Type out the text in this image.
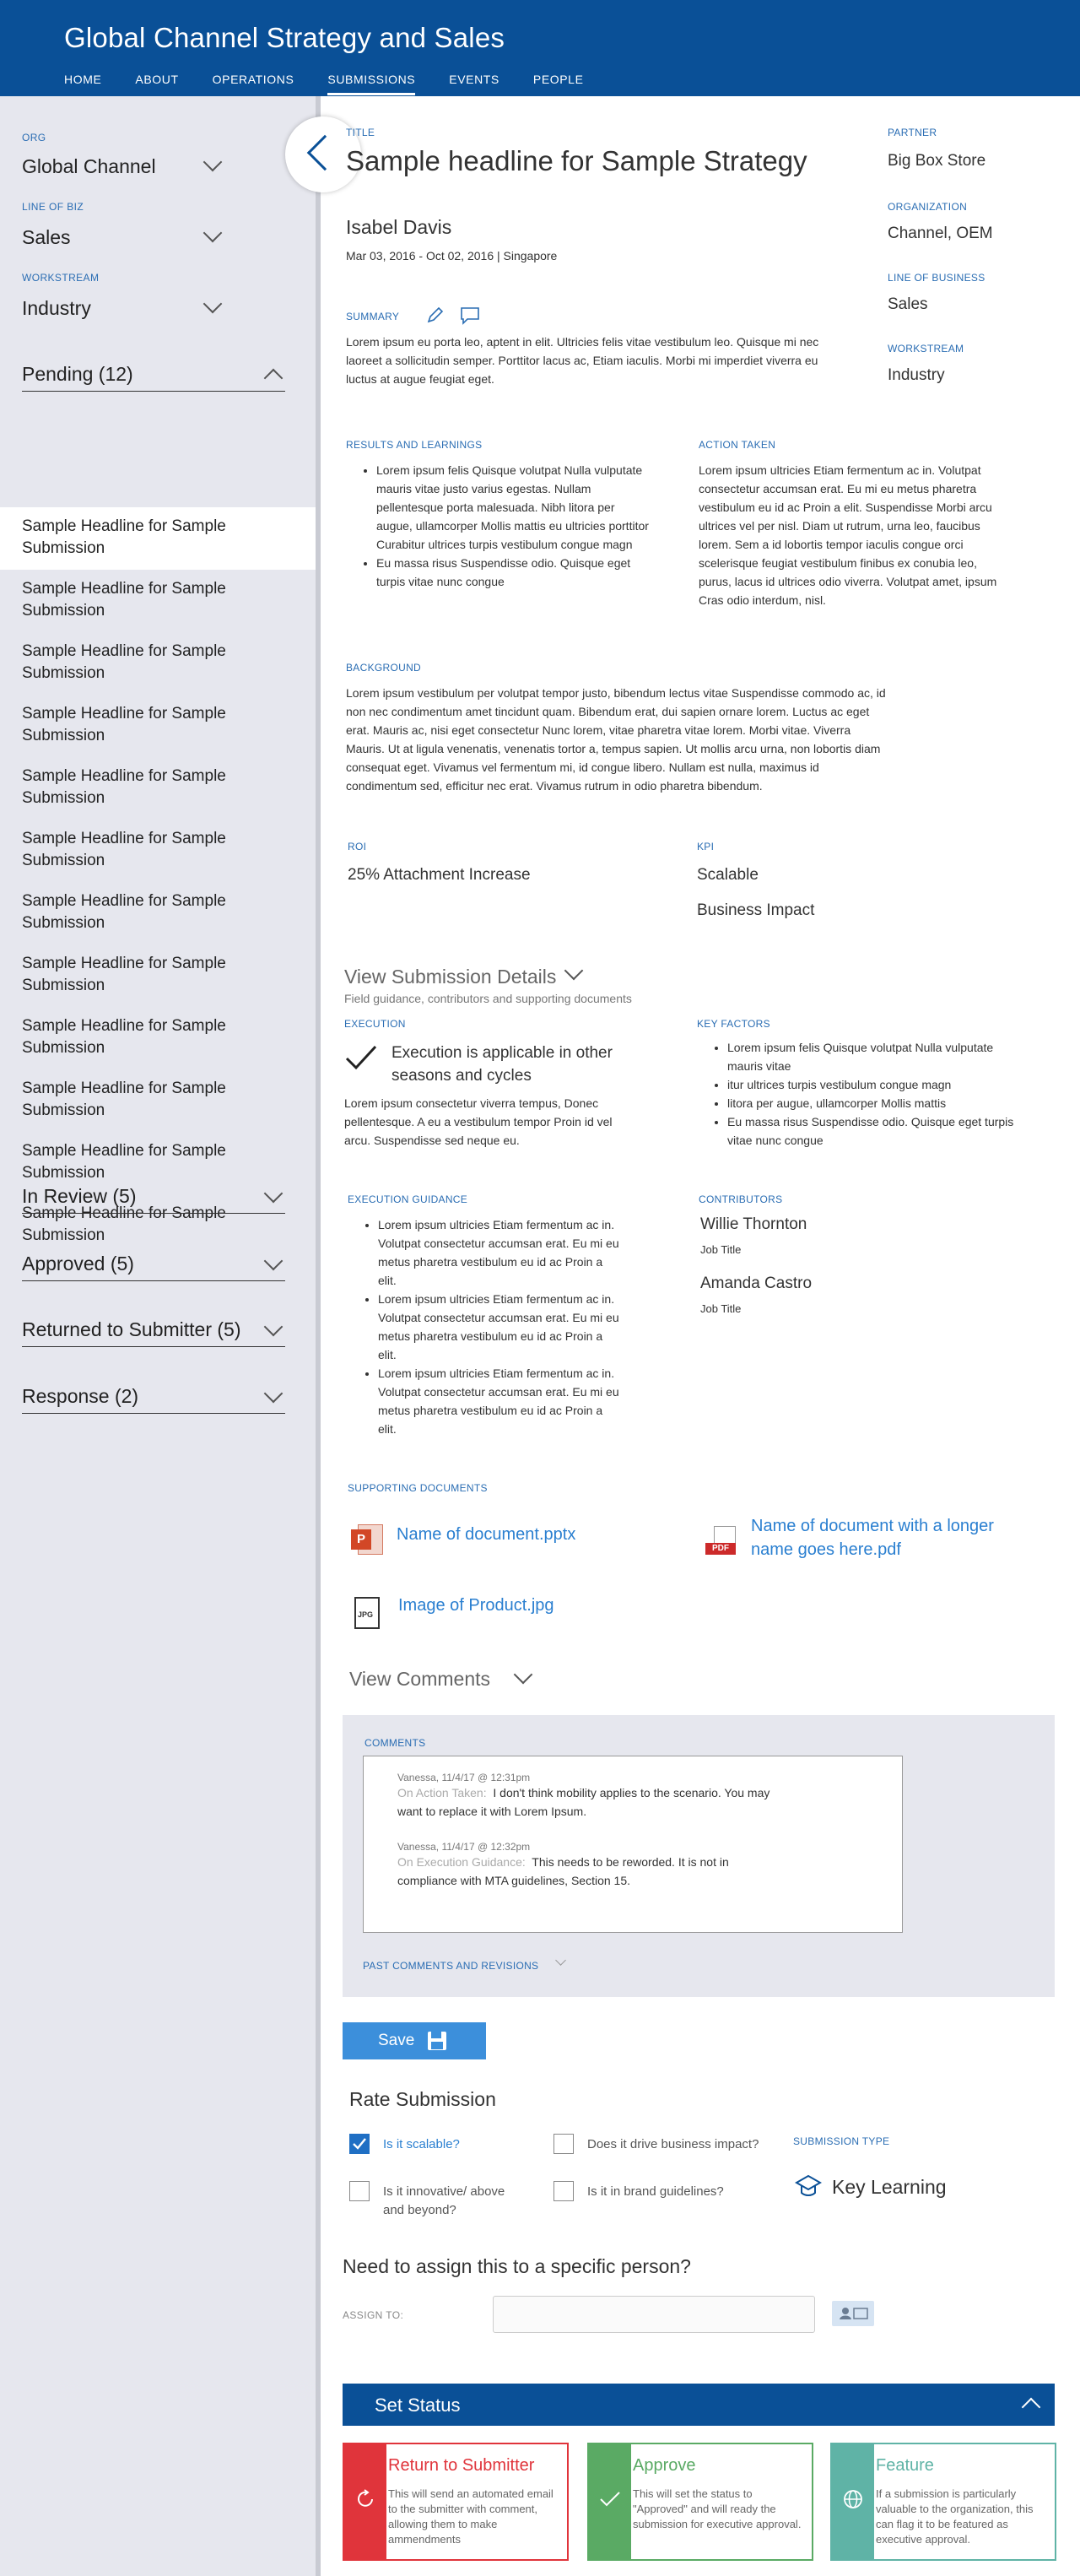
Global Channel Strategy and Sales
HOME	ABOUT	OPERATIONS	SUBMISSIONS	EVENTS	PEOPLE
ORG
Global Channel
LINE OF BIZ
Sales
WORKSTREAM
Industry
Pending (12)
Sample Headline for Sample Submission
Sample Headline for Sample Submission
Sample Headline for Sample Submission
Sample Headline for Sample Submission
Sample Headline for Sample Submission
Sample Headline for Sample Submission
Sample Headline for Sample Submission
Sample Headline for Sample Submission
Sample Headline for Sample Submission
Sample Headline for Sample Submission
Sample Headline for Sample Submission
Sample Headline for Sample Submission
In Review (5)
Approved (5)
Returned to Submitter (5)
Response (2)
TITLE
Sample headline for Sample Strategy
Isabel Davis
Mar 03, 2016 - Oct 02, 2016 | Singapore
PARTNER
Big Box Store
ORGANIZATION
Channel, OEM
LINE OF BUSINESS
Sales
WORKSTREAM
Industry
SUMMARY
Lorem ipsum eu porta leo, aptent in elit. Ultricies felis vitae vestibulum leo. Quisque mi nec laoreet a sollicitudin semper. Porttitor lacus ac, Etiam iaculis. Morbi mi imperdiet viverra eu luctus at augue feugiat eget.
RESULTS AND LEARNINGS
• Lorem ipsum felis Quisque volutpat Nulla vulputate mauris vitae justo varius egestas. Nullam pellentesque porta malesuada. Nibh litora per augue, ullamcorper Mollis mattis eu ultricies porttitor Curabitur ultrices turpis vestibulum congue magn
• Eu massa risus Suspendisse odio. Quisque eget turpis vitae nunc congue
ACTION TAKEN
Lorem ipsum ultricies Etiam fermentum ac in. Volutpat consectetur accumsan erat. Eu mi eu metus pharetra vestibulum eu id ac Proin a elit. Suspendisse Morbi arcu ultrices vel per nisl. Diam ut rutrum, urna leo, faucibus lorem. Sem a id lobortis tempor iaculis congue orci scelerisque feugiat vestibulum finibus ex conubia leo, purus, lacus id ultrices odio viverra. Volutpat amet, ipsum Cras odio interdum, nisl.
BACKGROUND
Lorem ipsum vestibulum per volutpat tempor justo, bibendum lectus vitae Suspendisse commodo ac, id non nec condimentum amet tincidunt quam. Bibendum erat, dui sapien ornare lorem. Luctus ac eget erat. Mauris ac, nisi eget consectetur Nunc lorem, vitae pharetra vitae lorem. Morbi vitae. Viverra Mauris. Ut at ligula venenatis, venenatis tortor a, tempus sapien. Ut mollis arcu urna, non lobortis diam consequat eget. Vivamus vel fermentum mi, id congue libero. Nullam est nulla, maximus id condimentum sed, efficitur nec erat. Vivamus rutrum in odio pharetra bibendum.
ROI
25% Attachment Increase
KPI
Scalable
Business Impact
View Submission Details
Field guidance, contributors and supporting documents
EXECUTION
Execution is applicable in other seasons and cycles
Lorem ipsum consectetur viverra tempus, Donec pellentesque. A eu a vestibulum tempor Proin id vel arcu. Suspendisse sed neque eu.
KEY FACTORS
• Lorem ipsum felis Quisque volutpat Nulla vulputate mauris vitae
• itur ultrices turpis vestibulum congue magn
• litora per augue, ullamcorper Mollis mattis
• Eu massa risus Suspendisse odio. Quisque eget turpis vitae nunc congue
EXECUTION GUIDANCE
• Lorem ipsum ultricies Etiam fermentum ac in. Volutpat consectetur accumsan erat. Eu mi eu metus pharetra vestibulum eu id ac Proin a elit.
• Lorem ipsum ultricies Etiam fermentum ac in. Volutpat consectetur accumsan erat. Eu mi eu metus pharetra vestibulum eu id ac Proin a elit.
• Lorem ipsum ultricies Etiam fermentum ac in. Volutpat consectetur accumsan erat. Eu mi eu metus pharetra vestibulum eu id ac Proin a elit.
CONTRIBUTORS
Willie Thornton
Job Title
Amanda Castro
Job Title
SUPPORTING DOCUMENTS
P	Name of document.pptx
PDF
Name of document with a longer name goes here.pdf
JPG Image of Product.jpg
View Comments
COMMENTS
Vanessa, 11/4/17 @ 12:31pm
On Action Taken: I don't think mobility applies to the scenario. You may want to replace it with Lorem Ipsum.
Vanessa, 11/4/17 @ 12:32pm
On Execution Guidance: This needs to be reworded. It is not in compliance with MTA guidelines, Section 15.
PAST COMMENTS AND REVISIONS
Save
Rate Submission
Is it scalable?	Does it drive business impact?
Is it innovative/ above and beyond?
Is it in brand guidelines?
SUBMISSION TYPE
Key Learning
Need to assign this to a specific person?
ASSIGN TO:
Set Status
Return to Submitter
This will send an automated email to the submitter with comment, allowing them to make ammendments
Approve
This will set the status to "Approved" and will ready the submission for executive approval.
Feature
If a submission is particularly valuable to the organization, this can flag it to be featured as executive approval.
